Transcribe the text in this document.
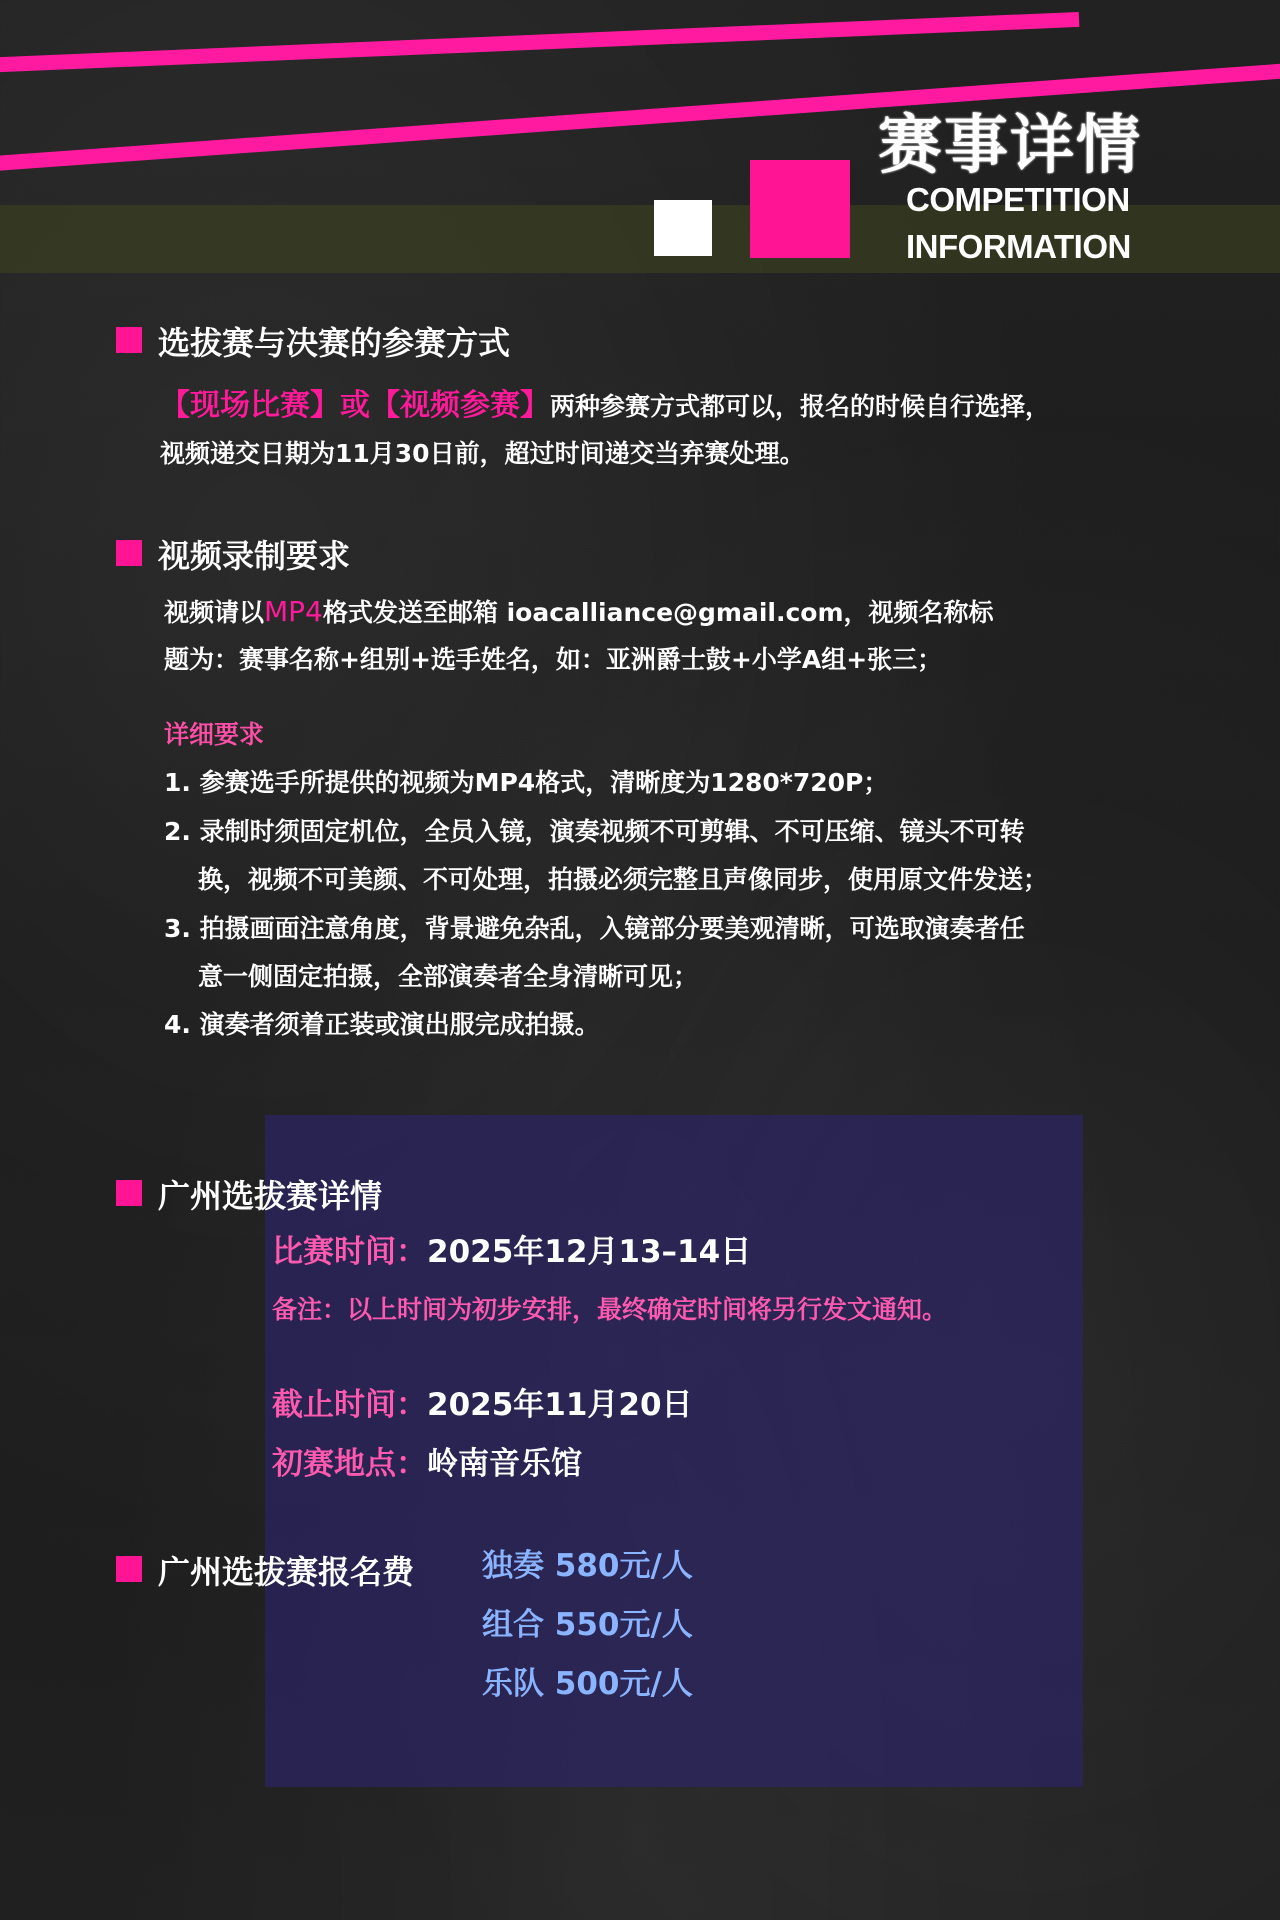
赛事详情
COMPETITION
INFORMATION
选拔赛与决赛的参赛方式
【现场比赛】或【视频参赛】两种参赛方式都可以，报名的时候自行选择，
视频递交日期为11月30日前，超过时间递交当弃赛处理。
视频录制要求
视频请以MP4格式发送至邮箱 ioacalliance@gmail.com，视频名称标
题为：赛事名称+组别+选手姓名，如：亚洲爵士鼓+小学A组+张三；
详细要求
1. 参赛选手所提供的视频为MP4格式，清晰度为1280*720P；
2. 录制时须固定机位，全员入镜，演奏视频不可剪辑、不可压缩、镜头不可转
换，视频不可美颜、不可处理，拍摄必须完整且声像同步，使用原文件发送；
3. 拍摄画面注意角度，背景避免杂乱，入镜部分要美观清晰，可选取演奏者任
意一侧固定拍摄，全部演奏者全身清晰可见；
4. 演奏者须着正装或演出服完成拍摄。
广州选拔赛详情
比赛时间：2025年12月13–14日
备注：以上时间为初步安排，最终确定时间将另行发文通知。
截止时间：2025年11月20日
初赛地点：岭南音乐馆
广州选拔赛报名费 独奏 580元/人
组合 550元/人
乐队 500元/人
